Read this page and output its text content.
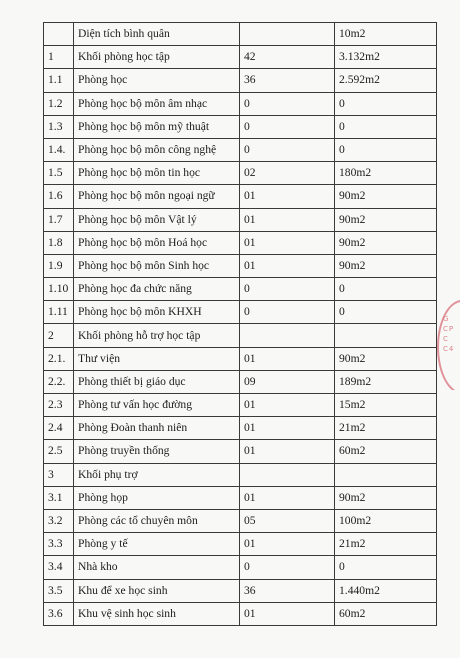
	Diện tích bình quân		10m2
1	Khối phòng học tập	42	3.132m2
1.1	Phòng học	36	2.592m2
1.2	Phòng học bộ môn âm nhạc	0	0
1.3	Phòng học bộ môn mỹ thuật	0	0
1.4.	Phòng học bộ môn công nghệ	0	0
1.5	Phòng học bộ môn tin học	02	180m2
1.6	Phòng học bộ môn ngoại ngữ	01	90m2
1.7	Phòng học bộ môn Vật lý	01	90m2
1.8	Phòng học bộ môn Hoá học	01	90m2
1.9	Phòng học bộ môn Sinh học	01	90m2
1.10	Phòng học đa chức năng	0	0
1.11	Phòng học bộ môn KHXH	0	0
2	Khối phòng hỗ trợ học tập		
2.1.	Thư viện	01	90m2
2.2.	Phòng thiết bị giáo dục	09	189m2
2.3	Phòng tư vấn học đường	01	15m2
2.4	Phòng Đoàn thanh niên	01	21m2
2.5	Phòng truyền thống	01	60m2
3	Khối phụ trợ		
3.1	Phòng họp	01	90m2
3.2	Phòng các tổ chuyên môn	05	100m2
3.3	Phòng y tế	01	21m2
3.4	Nhà kho	0	0
3.5	Khu để xe học sinh	36	1.440m2
3.6	Khu vệ sinh học sinh	01	60m2
G
CP
C
C4
